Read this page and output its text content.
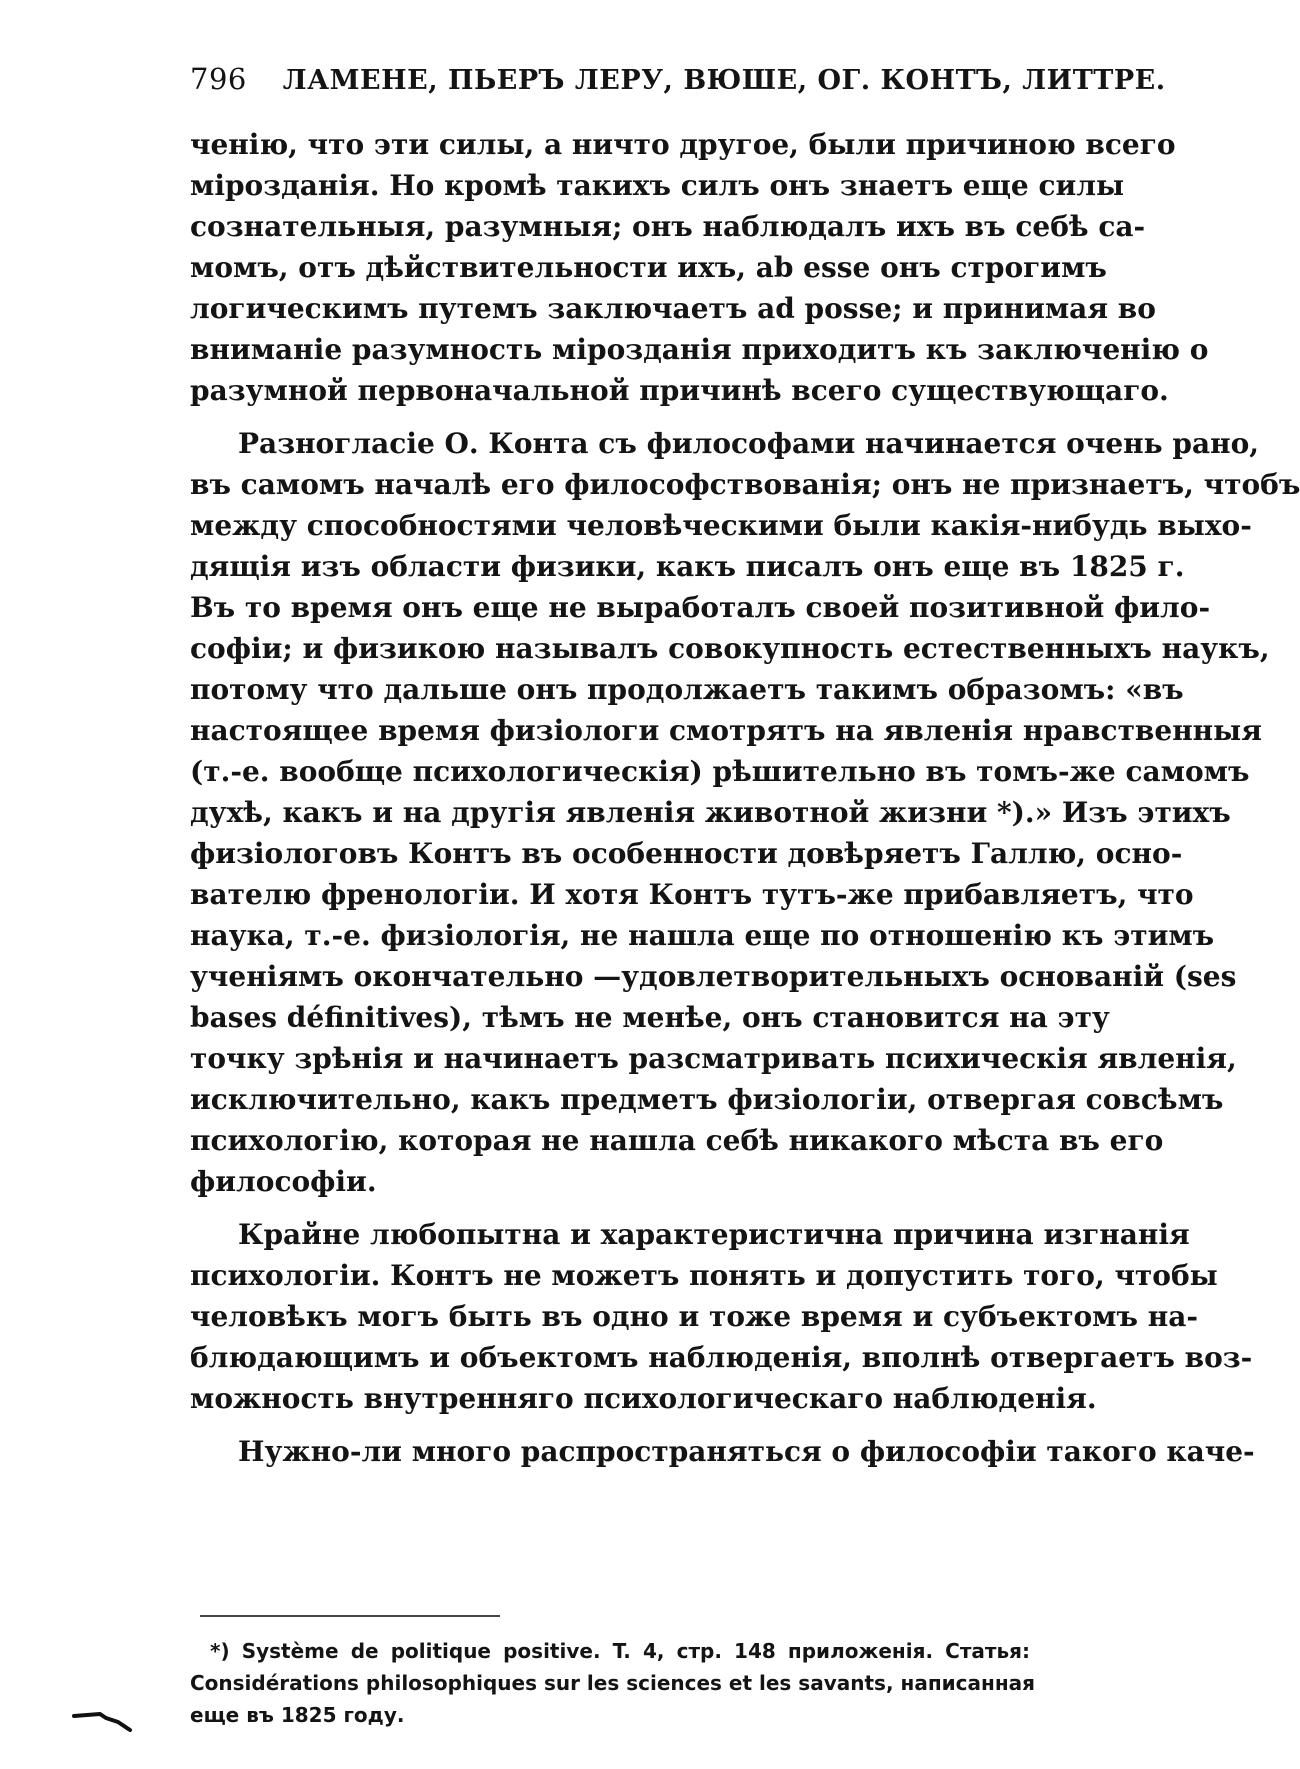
796 ЛАМЕНЕ, ПЬЕРЪ ЛЕРУ, ВЮШЕ, ОГ. КОНТЪ, ЛИТТРЕ.

ченію, что эти силы, а ничто другое, были причиною всего
мірозданія. Но кромѣ такихъ силъ онъ знаетъ еще силы
сознательныя, разумныя; онъ наблюдалъ ихъ въ себѣ са-
момъ, отъ дѣйствительности ихъ, ab esse онъ строгимъ
логическимъ путемъ заключаетъ ad posse; и принимая во
вниманіе разумность мірозданія приходитъ къ заключенію о
разумной первоначальной причинѣ всего существующаго.

Разногласіе О. Конта съ философами начинается очень рано,
въ самомъ началѣ его философствованія; онъ не признаетъ, чтобъ
между способностями человѣческими были какія-нибудь выхо-
дящія изъ области физики, какъ писалъ онъ еще въ 1825 г.
Въ то время онъ еще не выработалъ своей позитивной фило-
софіи; и физикою называлъ совокупность естественныхъ наукъ,
потому что дальше онъ продолжаетъ такимъ образомъ: «въ
настоящее время физіологи смотрятъ на явленія нравственныя
(т.-е. вообще психологическія) рѣшительно въ томъ-же самомъ
духѣ, какъ и на другія явленія животной жизни *).» Изъ этихъ
физіологовъ Контъ въ особенности довѣряетъ Галлю, осно-
вателю френологіи. И хотя Контъ тутъ-же прибавляетъ, что
наука, т.-е. физіологія, не нашла еще по отношенію къ этимъ
ученіямъ окончательно —удовлетворительныхъ основаній (ses
bases définitives), тѣмъ не менѣе, онъ становится на эту
точку зрѣнія и начинаетъ разсматривать психическія явленія,
исключительно, какъ предметъ физіологіи, отвергая совсѣмъ
психологію, которая не нашла себѣ никакого мѣста въ его
философіи.

Крайне любопытна и характеристична причина изгнанія
психологіи. Контъ не можетъ понять и допустить того, чтобы
человѣкъ могъ быть въ одно и тоже время и субъектомъ на-
блюдающимъ и объектомъ наблюденія, вполнѣ отвергаетъ воз-
можность внутренняго психологическаго наблюденія.

Нужно-ли много распространяться о философіи такого каче-

*) Système de politique positive. T. 4, стр. 148 приложенія. Статья:
Considérations philosophiques sur les sciences et les savants, написанная
еще въ 1825 году.
